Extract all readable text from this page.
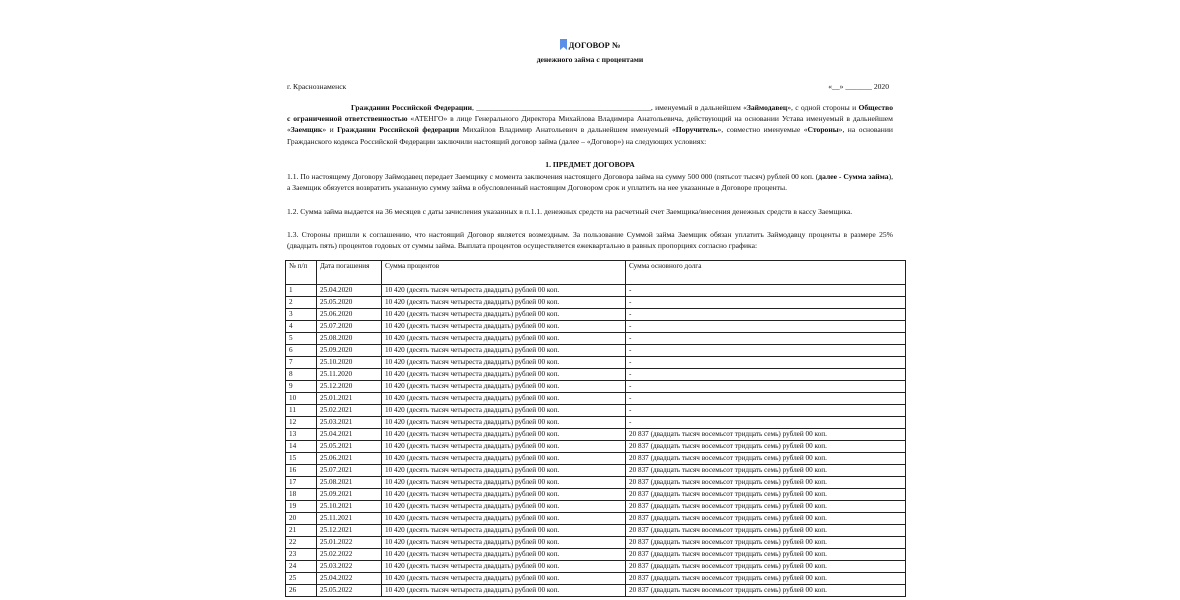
ДОГОВОР №
денежного займа с процентами
г. Краснознаменск	«__» _______ 2020
Гражданин Российской Федерации, ______________________________________________, именуемый в дальнейшем «Займодавец», с одной стороны и Общество с ограниченной ответственностью «АТЕНГО» в лице Генерального Директора Михайлова Владимира Анатольевича, действующий на основании Устава именуемый в дальнейшем «Заемщик» и Гражданин Российской федерации Михайлов Владимир Анатольевич в дальнейшем именуемый «Поручитель», совместно именуемые «Стороны», на основании Гражданского кодекса Российской Федерации заключили настоящий договор займа (далее – «Договор») на следующих условиях:
1. ПРЕДМЕТ ДОГОВОРА
1.1. По настоящему Договору Займодавец передает Заемщику с момента заключения настоящего Договора займа на сумму 500 000 (пятьсот тысяч) рублей 00 коп. (далее - Сумма займа), а Заемщик обязуется возвратить указанную сумму займа в обусловленный настоящим Договором срок и уплатить на нее указанные в Договоре проценты.
1.2. Сумма займа выдается на 36 месяцев с даты зачисления указанных в п.1.1. денежных средств на расчетный счет Заемщика/внесения денежных средств в кассу Заемщика.
1.3. Стороны пришли к соглашению, что настоящий Договор является возмездным. За пользование Суммой займа Заемщик обязан уплатить Займодавцу проценты в размере 25% (двадцать пять) процентов годовых от суммы займа. Выплата процентов осуществляется ежеквартально в равных пропорциях согласно графика:
№ п/п	Дата погашения	Сумма процентов	Сумма основного долга
1	25.04.2020	10 420 (десять тысяч четыреста двадцать) рублей 00 коп.	-
2	25.05.2020	10 420 (десять тысяч четыреста двадцать) рублей 00 коп.	-
3	25.06.2020	10 420 (десять тысяч четыреста двадцать) рублей 00 коп.	-
4	25.07.2020	10 420 (десять тысяч четыреста двадцать) рублей 00 коп.	-
5	25.08.2020	10 420 (десять тысяч четыреста двадцать) рублей 00 коп.	-
6	25.09.2020	10 420 (десять тысяч четыреста двадцать) рублей 00 коп.	-
7	25.10.2020	10 420 (десять тысяч четыреста двадцать) рублей 00 коп.	-
8	25.11.2020	10 420 (десять тысяч четыреста двадцать) рублей 00 коп.	-
9	25.12.2020	10 420 (десять тысяч четыреста двадцать) рублей 00 коп.	-
10	25.01.2021	10 420 (десять тысяч четыреста двадцать) рублей 00 коп.	-
11	25.02.2021	10 420 (десять тысяч четыреста двадцать) рублей 00 коп.	-
12	25.03.2021	10 420 (десять тысяч четыреста двадцать) рублей 00 коп.	-
13	25.04.2021	10 420 (десять тысяч четыреста двадцать) рублей 00 коп.	20 837 (двадцать тысяч восемьсот тридцать семь) рублей 00 коп.
14	25.05.2021	10 420 (десять тысяч четыреста двадцать) рублей 00 коп.	20 837 (двадцать тысяч восемьсот тридцать семь) рублей 00 коп.
15	25.06.2021	10 420 (десять тысяч четыреста двадцать) рублей 00 коп.	20 837 (двадцать тысяч восемьсот тридцать семь) рублей 00 коп.
16	25.07.2021	10 420 (десять тысяч четыреста двадцать) рублей 00 коп.	20 837 (двадцать тысяч восемьсот тридцать семь) рублей 00 коп.
17	25.08.2021	10 420 (десять тысяч четыреста двадцать) рублей 00 коп.	20 837 (двадцать тысяч восемьсот тридцать семь) рублей 00 коп.
18	25.09.2021	10 420 (десять тысяч четыреста двадцать) рублей 00 коп.	20 837 (двадцать тысяч восемьсот тридцать семь) рублей 00 коп.
19	25.10.2021	10 420 (десять тысяч четыреста двадцать) рублей 00 коп.	20 837 (двадцать тысяч восемьсот тридцать семь) рублей 00 коп.
20	25.11.2021	10 420 (десять тысяч четыреста двадцать) рублей 00 коп.	20 837 (двадцать тысяч восемьсот тридцать семь) рублей 00 коп.
21	25.12.2021	10 420 (десять тысяч четыреста двадцать) рублей 00 коп.	20 837 (двадцать тысяч восемьсот тридцать семь) рублей 00 коп.
22	25.01.2022	10 420 (десять тысяч четыреста двадцать) рублей 00 коп.	20 837 (двадцать тысяч восемьсот тридцать семь) рублей 00 коп.
23	25.02.2022	10 420 (десять тысяч четыреста двадцать) рублей 00 коп.	20 837 (двадцать тысяч восемьсот тридцать семь) рублей 00 коп.
24	25.03.2022	10 420 (десять тысяч четыреста двадцать) рублей 00 коп.	20 837 (двадцать тысяч восемьсот тридцать семь) рублей 00 коп.
25	25.04.2022	10 420 (десять тысяч четыреста двадцать) рублей 00 коп.	20 837 (двадцать тысяч восемьсот тридцать семь) рублей 00 коп.
26	25.05.2022	10 420 (десять тысяч четыреста двадцать) рублей 00 коп.	20 837 (двадцать тысяч восемьсот тридцать семь) рублей 00 коп.
